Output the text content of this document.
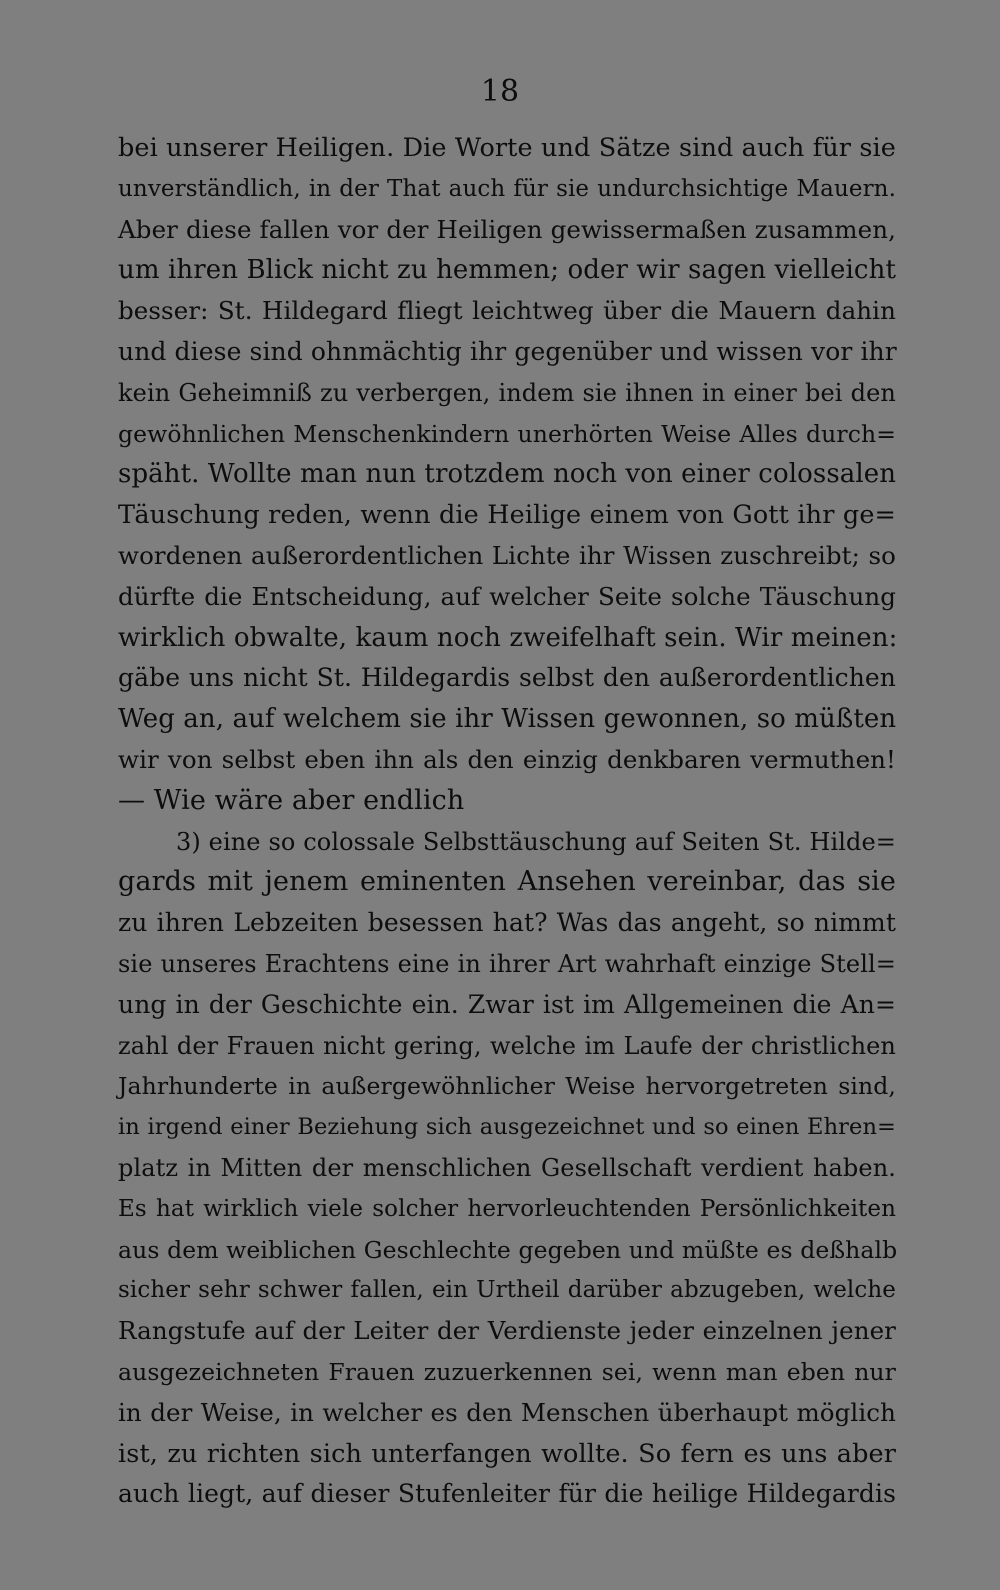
18
bei unserer Heiligen. Die Worte und Sätze sind auch für sie
unverständlich, in der That auch für sie undurchsichtige Mauern.
Aber diese fallen vor der Heiligen gewissermaßen zusammen,
um ihren Blick nicht zu hemmen; oder wir sagen vielleicht
besser: St. Hildegard fliegt leichtweg über die Mauern dahin
und diese sind ohnmächtig ihr gegenüber und wissen vor ihr
kein Geheimniß zu verbergen, indem sie ihnen in einer bei den
gewöhnlichen Menschenkindern unerhörten Weise Alles durch=
späht. Wollte man nun trotzdem noch von einer colossalen
Täuschung reden, wenn die Heilige einem von Gott ihr ge=
wordenen außerordentlichen Lichte ihr Wissen zuschreibt; so
dürfte die Entscheidung, auf welcher Seite solche Täuschung
wirklich obwalte, kaum noch zweifelhaft sein. Wir meinen:
gäbe uns nicht St. Hildegardis selbst den außerordentlichen
Weg an, auf welchem sie ihr Wissen gewonnen, so müßten
wir von selbst eben ihn als den einzig denkbaren vermuthen!
— Wie wäre aber endlich
3) eine so colossale Selbsttäuschung auf Seiten St. Hilde=
gards mit jenem eminenten Ansehen vereinbar, das sie
zu ihren Lebzeiten besessen hat? Was das angeht, so nimmt
sie unseres Erachtens eine in ihrer Art wahrhaft einzige Stell=
ung in der Geschichte ein. Zwar ist im Allgemeinen die An=
zahl der Frauen nicht gering, welche im Laufe der christlichen
Jahrhunderte in außergewöhnlicher Weise hervorgetreten sind,
in irgend einer Beziehung sich ausgezeichnet und so einen Ehren=
platz in Mitten der menschlichen Gesellschaft verdient haben.
Es hat wirklich viele solcher hervorleuchtenden Persönlichkeiten
aus dem weiblichen Geschlechte gegeben und müßte es deßhalb
sicher sehr schwer fallen, ein Urtheil darüber abzugeben, welche
Rangstufe auf der Leiter der Verdienste jeder einzelnen jener
ausgezeichneten Frauen zuzuerkennen sei, wenn man eben nur
in der Weise, in welcher es den Menschen überhaupt möglich
ist, zu richten sich unterfangen wollte. So fern es uns aber
auch liegt, auf dieser Stufenleiter für die heilige Hildegardis
